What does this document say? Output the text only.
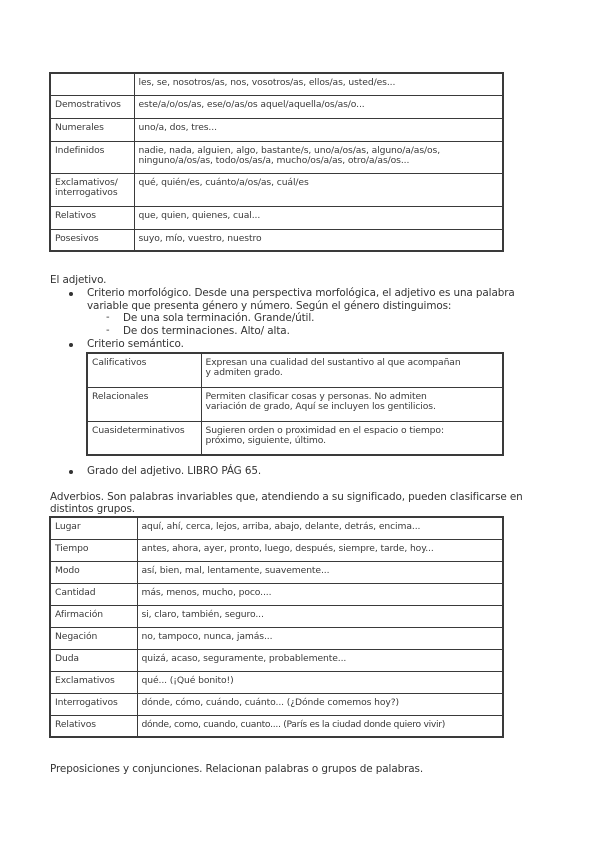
	les, se, nosotros/as, nos, vosotros/as, ellos/as, usted/es...
Demostrativos	este/a/o/os/as, ese/o/as/os aquel/aquella/os/as/o...
Numerales	uno/a, dos, tres...
Indefinidos	nadie, nada, alguien, algo, bastante/s, uno/a/os/as, alguno/a/as/os,
ninguno/a/os/as, todo/os/as/a, mucho/os/a/as, otro/a/as/os...

Exclamativos/
interrogativos	qué, quién/es, cuánto/a/os/as, cuál/es
Relativos	que, quien, quienes, cual...
Posesivos	suyo, mío, vuestro, nuestro
El adjetivo.
Criterio morfológico. Desde una perspectiva morfológica, el adjetivo es una palabra
variable que presenta género y número. Según el género distinguimos:
- De una sola terminación. Grande/útil.
- De dos terminaciones. Alto/ alta.
Criterio semántico.
Calificativos	Expresan una cualidad del sustantivo al que acompañan
y admiten grado.

Relacionales	Permiten clasificar cosas y personas. No admiten
variación de grado, Aquí se incluyen los gentilicios.

Cuasideterminativos	Sugieren orden o proximidad en el espacio o tiempo:
próximo, siguiente, último.
Grado del adjetivo. LIBRO PÁG 65.
Adverbios. Son palabras invariables que, atendiendo a su significado, pueden clasificarse en
distintos grupos.
Lugar	aquí, ahí, cerca, lejos, arriba, abajo, delante, detrás, encima...
Tiempo	antes, ahora, ayer, pronto, luego, después, siempre, tarde, hoy...
Modo	así, bien, mal, lentamente, suavemente...
Cantidad	más, menos, mucho, poco....
Afirmación	si, claro, también, seguro...
Negación	no, tampoco, nunca, jamás...
Duda	quizá, acaso, seguramente, probablemente...
Exclamativos	qué... (¡Qué bonito!)
Interrogativos	dónde, cómo, cuándo, cuánto... (¿Dónde comemos hoy?)
Relativos	dónde, como, cuando, cuanto.... (París es la ciudad donde quiero vivir)
Preposiciones y conjunciones. Relacionan palabras o grupos de palabras.
